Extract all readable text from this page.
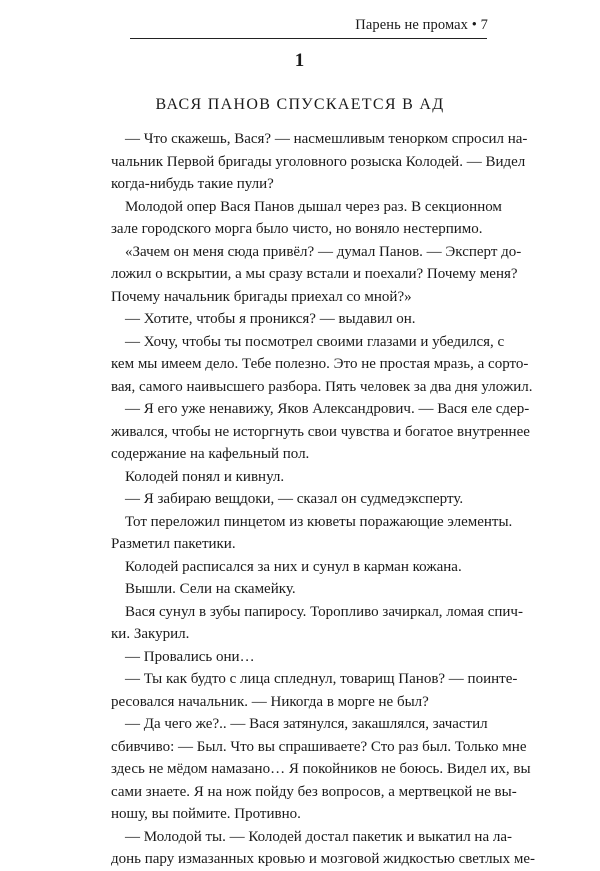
Парень не промах • 7
1
ВАСЯ ПАНОВ СПУСКАЕТСЯ В АД
— Что скажешь, Вася? — насмешливым тенорком спросил на-
чальник Первой бригады уголовного розыска Колодей. — Видел
когда-нибудь такие пули?
Молодой опер Вася Панов дышал через раз. В секционном
зале городского морга было чисто, но воняло нестерпимо.
«Зачем он меня сюда привёл? — думал Панов. — Эксперт до-
ложил о вскрытии, а мы сразу встали и поехали? Почему меня?
Почему начальник бригады приехал со мной?»
— Хотите, чтобы я проникся? — выдавил он.
— Хочу, чтобы ты посмотрел своими глазами и убедился, с
кем мы имеем дело. Тебе полезно. Это не простая мразь, а сорто-
вая, самого наивысшего разбора. Пять человек за два дня уложил.
— Я его уже ненавижу, Яков Александрович. — Вася еле сдер-
живался, чтобы не исторгнуть свои чувства и богатое внутреннее
содержание на кафельный пол.
Колодей понял и кивнул.
— Я забираю вещдоки, — сказал он судмедэксперту.
Тот переложил пинцетом из кюветы поражающие элементы.
Разметил пакетики.
Колодей расписался за них и сунул в карман кожана.
Вышли. Сели на скамейку.
Вася сунул в зубы папиросу. Торопливо зачиркал, ломая спич-
ки. Закурил.
— Провались они…
— Ты как будто с лица спледнул, товарищ Панов? — поинте-
ресовался начальник. — Никогда в морге не был?
— Да чего же?.. — Вася затянулся, закашлялся, зачастил
сбивчиво: — Был. Что вы спрашиваете? Сто раз был. Только мне
здесь не мёдом намазано… Я покойников не боюсь. Видел их, вы
сами знаете. Я на нож пойду без вопросов, а мертвецкой не вы-
ношу, вы поймите. Противно.
— Молодой ты. — Колодей достал пакетик и выкатил на ла-
донь пару измазанных кровью и мозговой жидкостью светлых ме-
